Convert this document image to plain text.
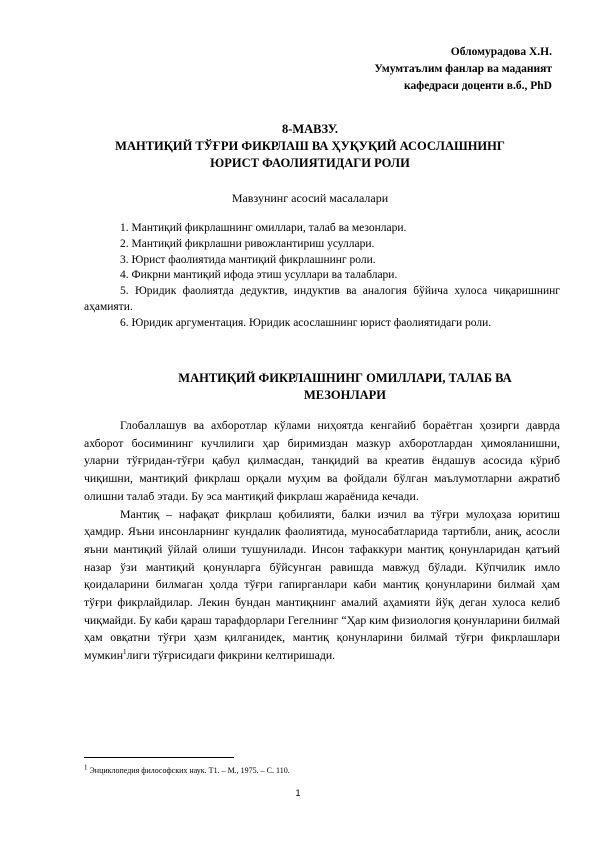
Обломурадова Х.Н.
Умумтаълим фанлар ва маданият
кафедраси доценти в.б., PhD
8-МАВЗУ.
МАНТИҚИЙ ТЎҒРИ ФИКРЛАШ ВА ҲУҚУҚИЙ АСОСЛАШНИНГ
ЮРИСТ ФАОЛИЯТИДАГИ РОЛИ
Мавзунинг асосий масалалари
1. Мантиқий фикрлашнинг омиллари, талаб ва мезонлари.
2. Мантиқий фикрлашни ривожлантириш усуллари.
3. Юрист фаолиятида мантиқий фикрлашнинг роли.
4. Фикрни мантиқий ифода этиш усуллари ва талаблари.
5. Юридик фаолиятда дедуктив, индуктив ва аналогия бўйича хулоса чиқаришнинг аҳамияти.
6. Юридик аргументация. Юридик асослашнинг юрист фаолиятидаги роли.
МАНТИҚИЙ ФИКРЛАШНИНГ ОМИЛЛАРИ, ТАЛАБ ВА
МЕЗОНЛАРИ

Глобаллашув ва ахборотлар кўлами ниҳоятда кенгайиб бораётган ҳозирги даврда ахборот босимининг кучлилиги ҳар биримиздан мазкур ахборотлардан ҳимояланишни, уларни тўғридан-тўғри қабул қилмасдан, танқидий ва креатив ёндашув асосида кўриб чиқишни, мантиқий фикрлаш орқали муҳим ва фойдали бўлган маълумотларни ажратиб олишни талаб этади. Бу эса мантиқий фикрлаш жараёнида кечади.

Мантиқ – нафақат фикрлаш қобилияти, балки изчил ва тўғри мулоҳаза юритиш ҳамдир. Яъни инсонларнинг кундалик фаолиятида, муносабатларида тартибли, аниқ, асосли яъни мантиқий ўйлай олиши тушунилади. Инсон тафаккури мантиқ қонунларидан қатъий назар ўзи мантиқий қонунларга бўйсунган равишда мавжуд бўлади. Кўпчилик имло қоидаларини билмаган ҳолда тўғри гапирганлари каби мантиқ қонунларини билмай ҳам тўғри фикрлайдилар. Лекин бундан мантиқнинг амалий аҳамияти йўқ деган хулоса келиб чиқмайди. Бу каби қараш тарафдорлари Гегелнинг “Ҳар ким физиология қонунларини билмай ҳам овқатни тўғри ҳазм қилганидек, мантиқ қонунларини билмай тўғри фикрлашлари мумкин$^1$лиги тўғрисидаги фикрини келтиришади.

$^1$ Энциклопедия философских наук. Т1. – М., 1975. – С. 110.
1
